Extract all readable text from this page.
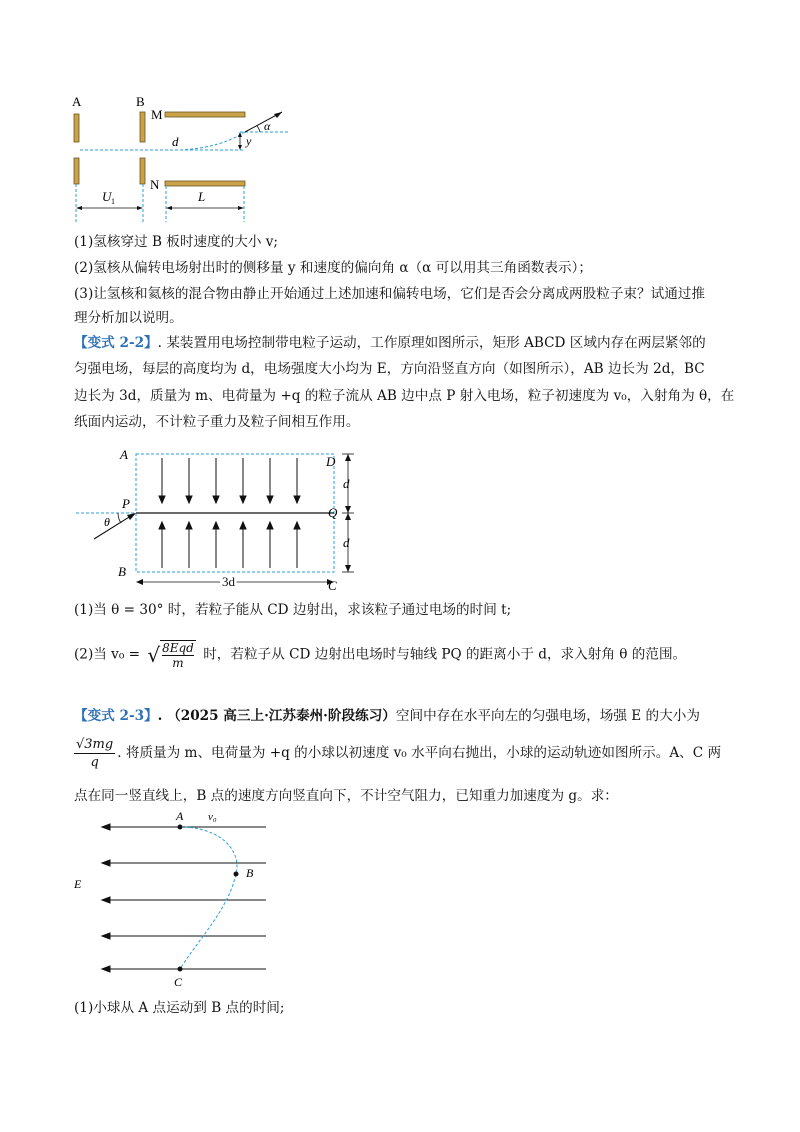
A	B
M
N
d
α
y
U 1	L
(1)氢核穿过 B 板时速度的大小 v;
(2)氢核从偏转电场射出时的侧移量 y 和速度的偏向角 α（α 可以用其三角函数表示）；
(3)让氢核和氦核的混合物由静止开始通过上述加速和偏转电场，它们是否会分离成两股粒子束？试通过推
理分析加以说明。
【变式 2-2】. 某装置用电场控制带电粒子运动，工作原理如图所示，矩形 ABCD 区域内存在两层紧邻的
匀强电场，每层的高度均为 d，电场强度大小均为 E，方向沿竖直方向（如图所示），AB 边长为 2d，BC
边长为 3d，质量为 m、电荷量为 +q 的粒子流从 AB 边中点 P 射入电场，粒子初速度为 v₀，入射角为 θ，在
纸面内运动，不计粒子重力及粒子间相互作用。
A
B
C
D
P
Q
θ
d
d
3d
(1)当 θ = 30° 时，若粒子能从 CD 边射出，求该粒子通过电场的时间 t;
(2)当 v₀ = √ 8Eqd
m
时，若粒子从 CD 边射出电场时与轴线 PQ 的距离小于 d，求入射角 θ 的范围。
【变式 2-3】. （2025 高三上·江苏泰州·阶段练习）空间中存在水平向左的匀强电场，场强 E 的大小为
$\frac{√3mg}{q}$ . 将质量为 m、电荷量为 +q 的小球以初速度 v₀ 水平向右抛出，小球的运动轨迹如图所示。A、C 两
点在同一竖直线上，B 点的速度方向竖直向下，不计空气阻力，已知重力加速度为 g。求：
A
B
C
E
v₀
(1)小球从 A 点运动到 B 点的时间;
